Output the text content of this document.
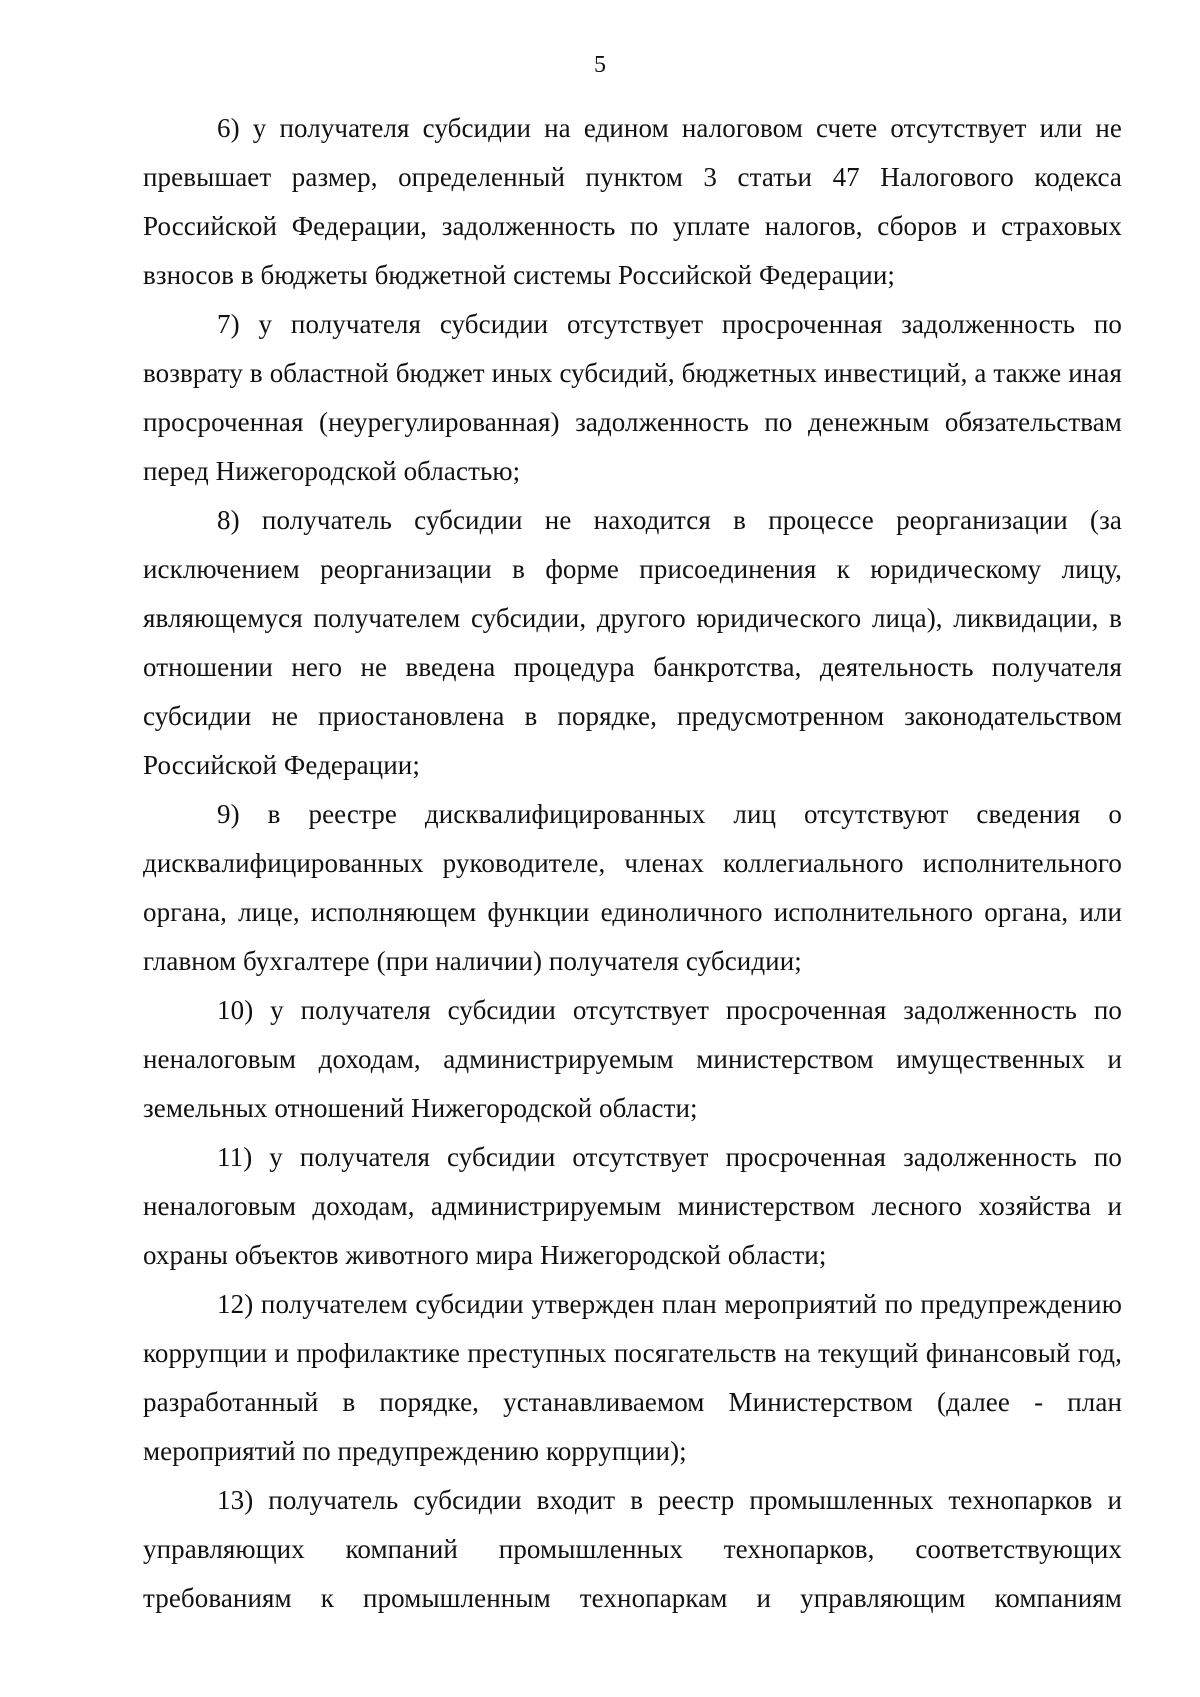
5

6) у получателя субсидии на едином налоговом счете отсутствует или не превышает размер, определенный пунктом 3 статьи 47 Налогового кодекса Российской Федерации, задолженность по уплате налогов, сборов и страховых взносов в бюджеты бюджетной системы Российской Федерации;

7) у получателя субсидии отсутствует просроченная задолженность по возврату в областной бюджет иных субсидий, бюджетных инвестиций, а также иная просроченная (неурегулированная) задолженность по денежным обязательствам перед Нижегородской областью;

8) получатель субсидии не находится в процессе реорганизации (за исключением реорганизации в форме присоединения к юридическому лицу, являющемуся получателем субсидии, другого юридического лица), ликвидации, в отношении него не введена процедура банкротства, деятельность получателя субсидии не приостановлена в порядке, предусмотренном законодательством Российской Федерации;

9) в реестре дисквалифицированных лиц отсутствуют сведения о дисквалифицированных руководителе, членах коллегиального исполнительного органа, лице, исполняющем функции единоличного исполнительного органа, или главном бухгалтере (при наличии) получателя субсидии;

10) у получателя субсидии отсутствует просроченная задолженность по неналоговым доходам, администрируемым министерством имущественных и земельных отношений Нижегородской области;

11) у получателя субсидии отсутствует просроченная задолженность по неналоговым доходам, администрируемым министерством лесного хозяйства и охраны объектов животного мира Нижегородской области;

12) получателем субсидии утвержден план мероприятий по предупреждению коррупции и профилактике преступных посягательств на текущий финансовый год, разработанный в порядке, устанавливаемом Министерством (далее - план мероприятий по предупреждению коррупции);

13) получатель субсидии входит в реестр промышленных технопарков и управляющих компаний промышленных технопарков, соответствующих требованиям к промышленным технопаркам и управляющим компаниям
